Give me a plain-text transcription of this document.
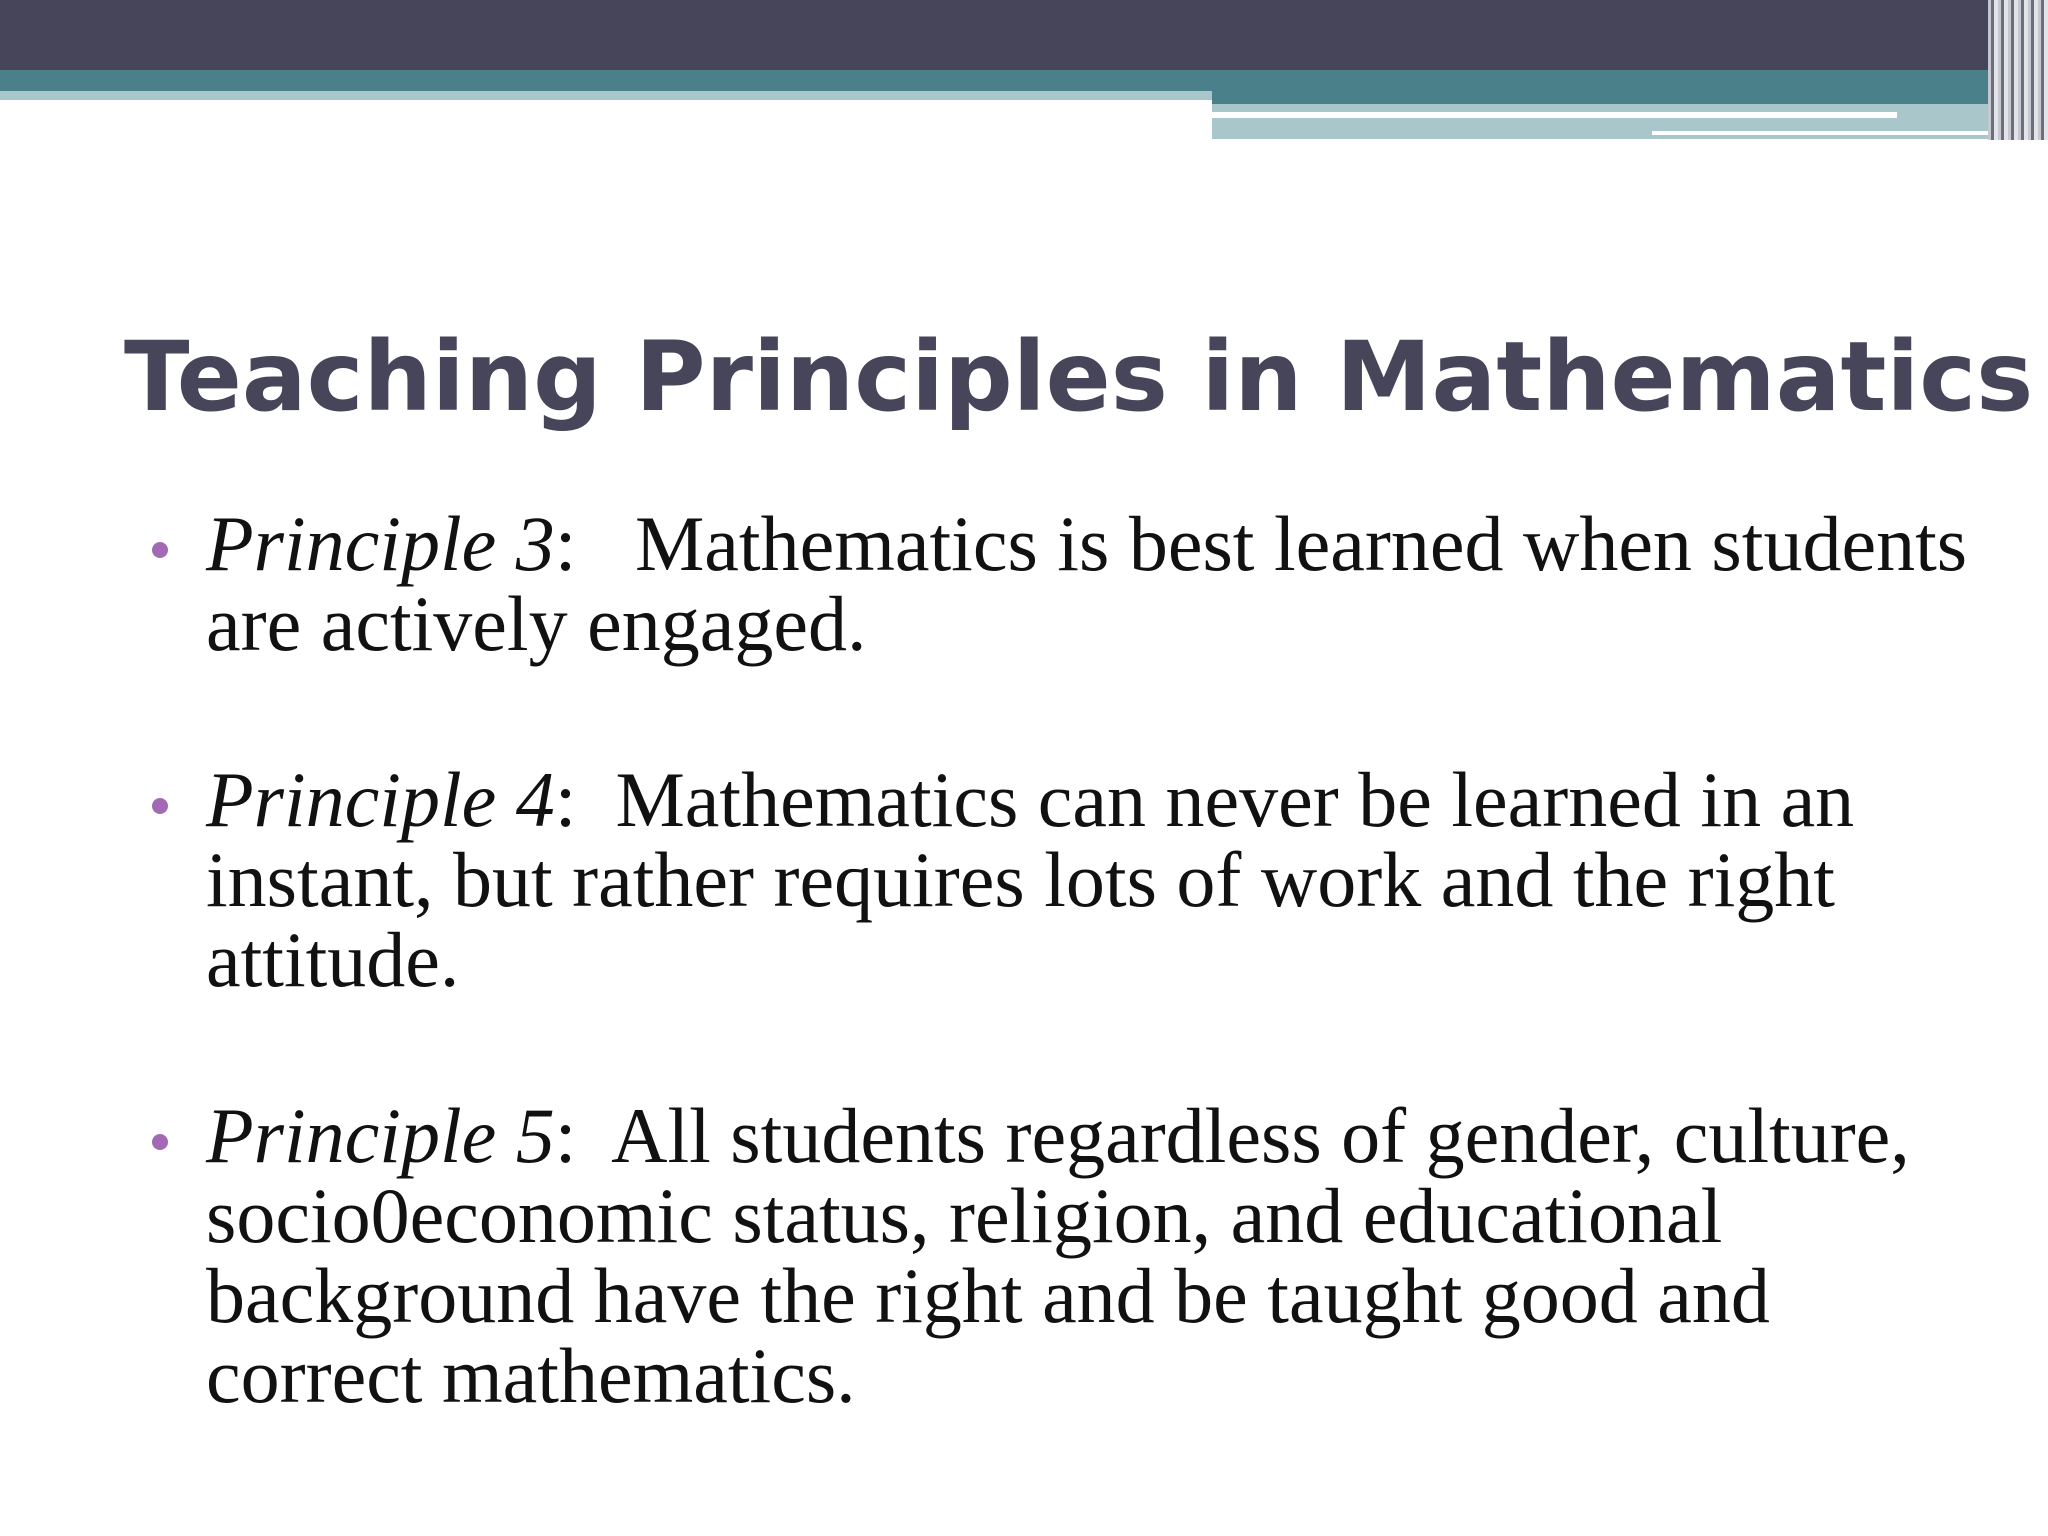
Teaching Principles in Mathematics
Principle 3:   Mathematics is best learned when students are actively engaged.
Principle 4:  Mathematics can never be learned in an instant, but rather requires lots of work and the right attitude.
Principle 5:  All students regardless of gender, culture, socio0economic status, religion, and educational background have the right and be taught good and correct mathematics.
